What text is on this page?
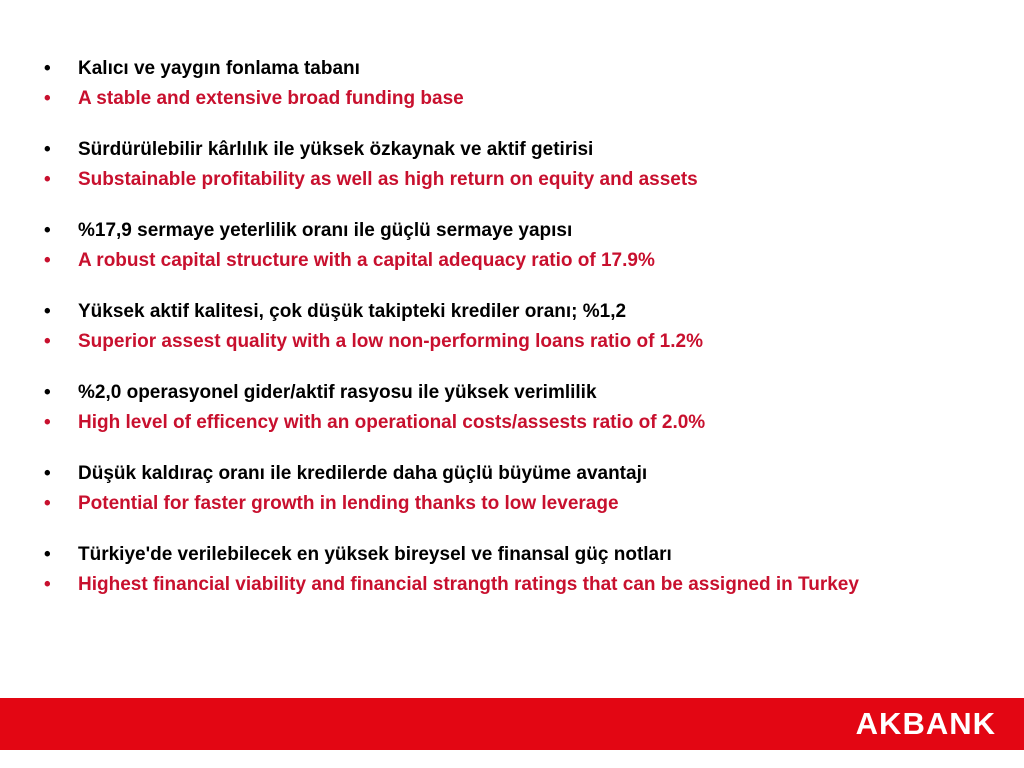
•	Kalıcı ve yaygın fonlama tabanı

•	A stable and extensive broad funding base

•	Sürdürülebilir kârlılık ile yüksek özkaynak ve aktif getirisi

•	Substainable profitability as well as high return on equity and assets

•	%17,9 sermaye yeterlilik oranı ile güçlü sermaye yapısı

•	A robust capital structure with a capital adequacy ratio of 17.9%

•	Yüksek aktif kalitesi, çok düşük takipteki krediler oranı; %1,2

•	Superior assest quality with a low non-performing loans ratio of 1.2%

•	%2,0 operasyonel gider/aktif rasyosu ile yüksek verimlilik

•	High level of efficency with an operational costs/assests ratio of 2.0%

•	Düşük kaldıraç oranı ile kredilerde daha güçlü büyüme avantajı

•	Potential for faster growth in lending thanks to low leverage

•	Türkiye'de verilebilecek en yüksek bireysel ve finansal güç notları

•	Highest financial viability and financial strangth ratings that can be assigned in Turkey

AKBANK
